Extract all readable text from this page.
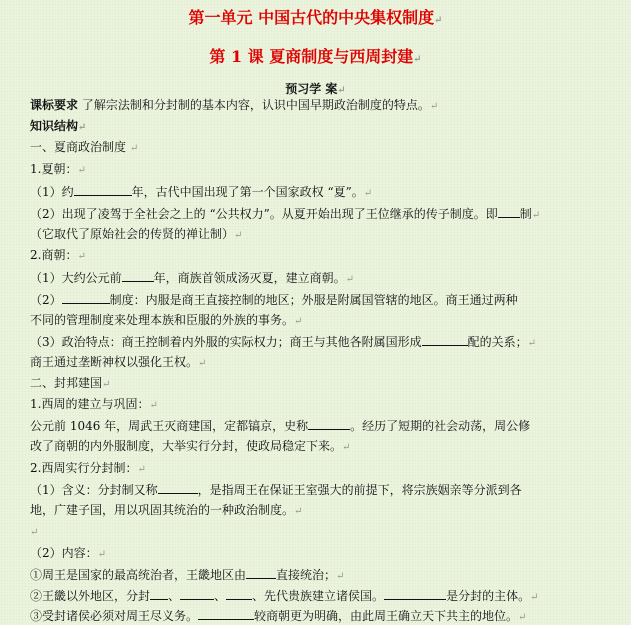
第一单元 中国古代的中央集权制度↵
第 1 课 夏商制度与西周封建↵
预习学 案↵
课标要求 了解宗法制和分封制的基本内容，认识中国早期政治制度的特点。↵
知识结构↵
一、夏商政治制度 ↵
1.夏朝：↵
（1）约	年，古代中国出现了第一个国家政权 “夏”。↵
（2）出现了凌驾于全社会之上的 “公共权力”。从夏开始出现了王位继承的传子制度。即 制↵
（它取代了原始社会的传贤的禅让制）↵
2.商朝：↵
（1）大约公元前	年，商族首领成汤灭夏，建立商朝。↵
（2）	制度：内服是商王直接控制的地区；外服是附属国管辖的地区。商王通过两种
不同的管理制度来处理本族和臣服的外族的事务。↵
（3）政治特点：商王控制着内外服的实际权力；商王与其他各附属国形成	配的关系；↵
商王通过垄断神权以强化王权。↵
二、封邦建国↵
1.西周的建立与巩固：↵
公元前 1046 年，周武王灭商建国，定都镐京，史称	。经历了短期的社会动荡，周公修
改了商朝的内外服制度，大举实行分封，使政局稳定下来。↵
2.西周实行分封制：↵
（1）含义：分封制又称	，是指周王在保证王室强大的前提下，将宗族姻亲等分派到各
地，广建子国，用以巩固其统治的一种政治制度。↵
↵
（2）内容：↵
①周王是国家的最高统治者，王畿地区由	直接统治；↵
②王畿以外地区，分封 、	、 、先代贵族建立诸侯国。	是分封的主体。↵
③受封诸侯必须对周王尽义务。	较商朝更为明确，由此周王确立天下共主的地位。↵
